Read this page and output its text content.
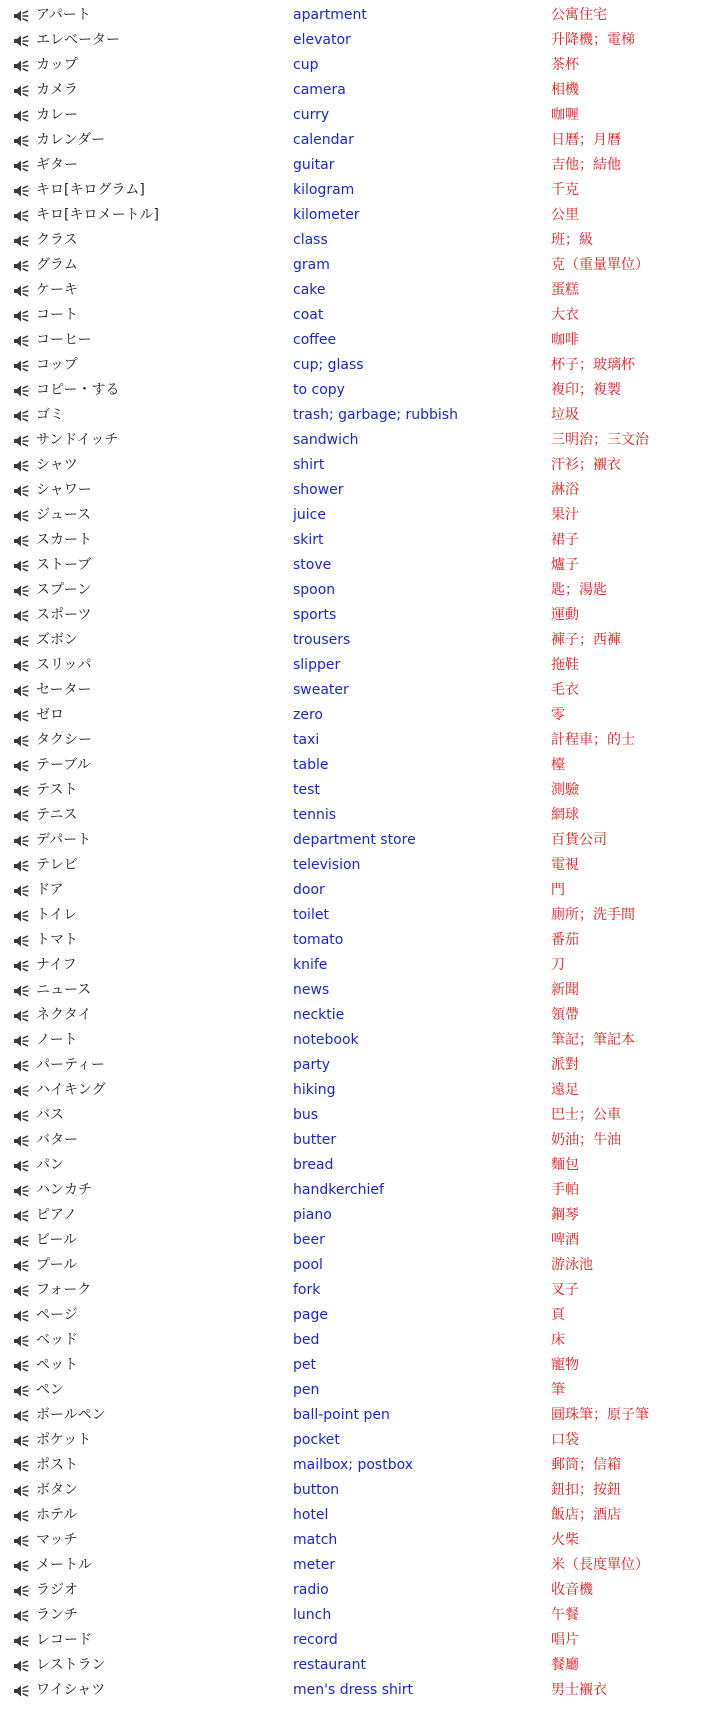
アパート	apartment	公寓住宅
エレベーター	elevator	升降機；電梯
カップ	cup	茶杯
カメラ	camera	相機
カレー	curry	咖喱
カレンダー	calendar	日曆；月曆
ギター	guitar	吉他；結他
キロ[キログラム]	kilogram	千克
キロ[キロメートル]	kilometer	公里
クラス	class	班；級
グラム	gram	克（重量單位）
ケーキ	cake	蛋糕
コート	coat	大衣
コーヒー	coffee	咖啡
コップ	cup; glass	杯子；玻璃杯
コピー・する	to copy	複印；複製
ゴミ	trash; garbage; rubbish	垃圾
サンドイッチ	sandwich	三明治；三文治
シャツ	shirt	汗衫；襯衣
シャワー	shower	淋浴
ジュース	juice	果汁
スカート	skirt	裙子
ストーブ	stove	爐子
スプーン	spoon	匙；湯匙
スポーツ	sports	運動
ズボン	trousers	褲子；西褲
スリッパ	slipper	拖鞋
セーター	sweater	毛衣
ゼロ	zero	零
タクシー	taxi	計程車；的士
テーブル	table	檯
テスト	test	測驗
テニス	tennis	網球
デパート	department store	百貨公司
テレビ	television	電視
ドア	door	門
トイレ	toilet	廁所；洗手間
トマト	tomato	番茄
ナイフ	knife	刀
ニュース	news	新聞
ネクタイ	necktie	領帶
ノート	notebook	筆記；筆記本
パーティー	party	派對
ハイキング	hiking	遠足
バス	bus	巴士；公車
バター	butter	奶油；牛油
パン	bread	麵包
ハンカチ	handkerchief	手帕
ピアノ	piano	鋼琴
ビール	beer	啤酒
プール	pool	游泳池
フォーク	fork	叉子
ページ	page	頁
ベッド	bed	床
ペット	pet	寵物
ペン	pen	筆
ボールペン	ball-point pen	圓珠筆；原子筆
ポケット	pocket	口袋
ポスト	mailbox; postbox	郵筒；信箱
ボタン	button	鈕扣；按鈕
ホテル	hotel	飯店；酒店
マッチ	match	火柴
メートル	meter	米（長度單位）
ラジオ	radio	收音機
ランチ	lunch	午餐
レコード	record	唱片
レストラン	restaurant	餐廳
ワイシャツ	men's dress shirt	男士襯衣
